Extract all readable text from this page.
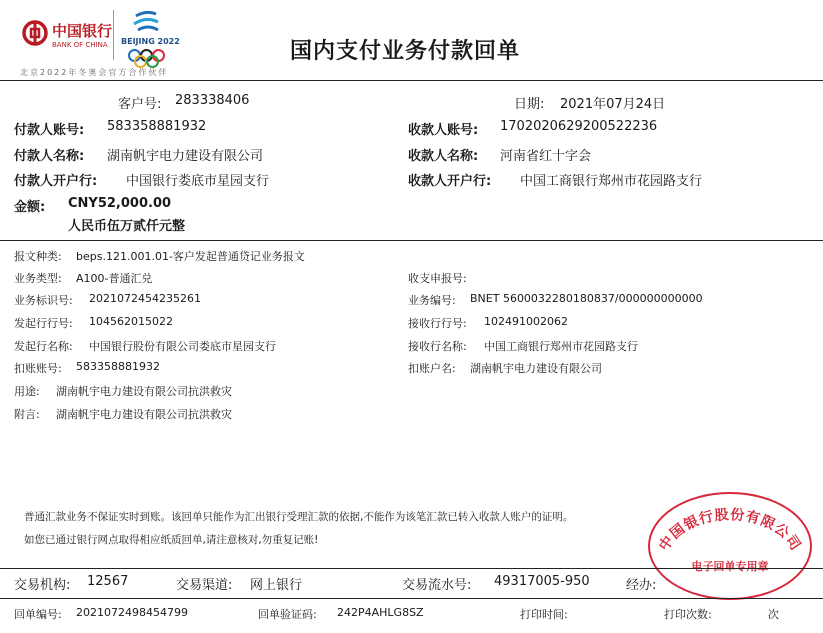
中国银行
BANK OF CHINA BEIJING 2022
北京2022年冬奥会官方合作伙伴
国内支付业务付款回单
客户号: 283338406	日期: 2021年07月24日
付款人账号: 583358881932	收款人账号: 1702020629200522236
付款人名称: 湖南帆宇电力建设有限公司	收款人名称: 河南省红十字会
付款人开户行: 中国银行娄底市星园支行	收款人开户行: 中国工商银行郑州市花园路支行
金额: CNY52,000.00
人民币伍万贰仟元整
报文种类: beps.121.001.01-客户发起普通贷记业务报文
业务类型: A100-普通汇兑	收支申报号:
业务标识号: 2021072454235261	业务编号: BNET 5600032280180837/000000000000
发起行行号: 104562015022	接收行行号: 102491002062
发起行名称: 中国银行股份有限公司娄底市星园支行	接收行名称: 中国工商银行郑州市花园路支行
扣账账号: 583358881932	扣账户名: 湖南帆宇电力建设有限公司
用途: 湖南帆宇电力建设有限公司抗洪救灾
附言: 湖南帆宇电力建设有限公司抗洪救灾
普通汇款业务不保证实时到账。该回单只能作为汇出银行受理汇款的依据,不能作为该笔汇款已转入收款人账户的证明。
如您已通过银行网点取得相应纸质回单,请注意核对,勿重复记账!	中国银行股份有限公司
电子回单专用章
交易机构: 12567	交易渠道: 网上银行	交易流水号: 49317005-950	经办:
回单编号: 2021072498454799	回单验证码: 242P4AHLG8SZ	打印时间:	打印次数:	次
